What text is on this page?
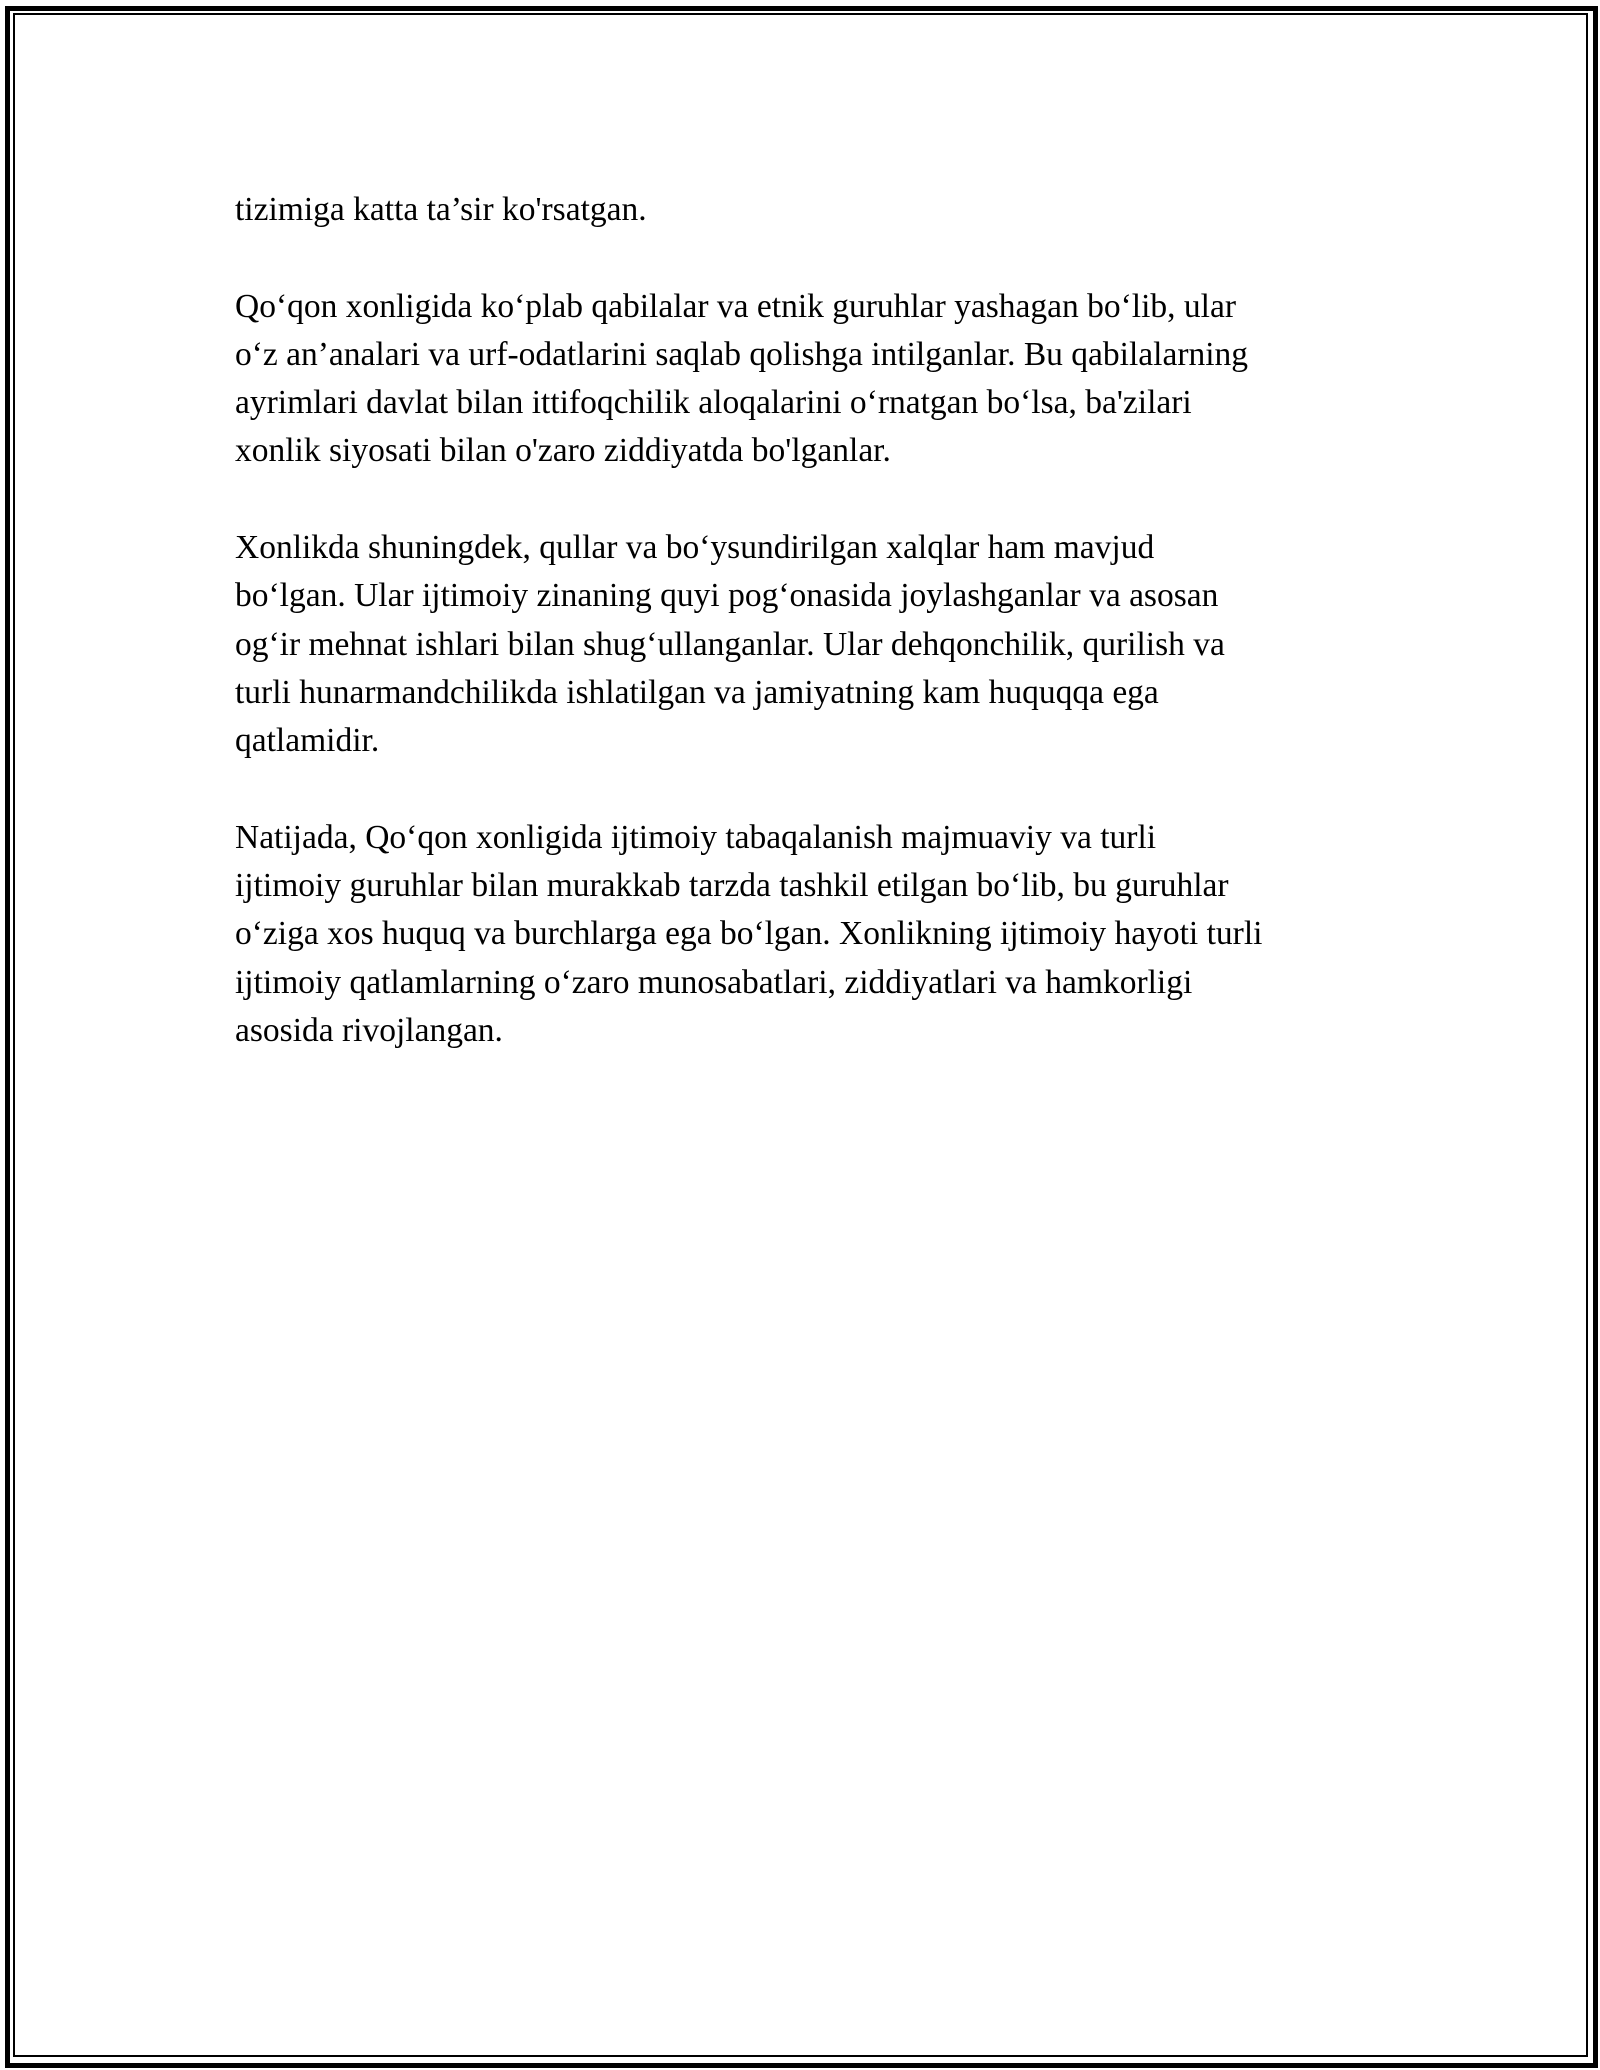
tizimiga katta ta’sir ko'rsatgan.
Qo‘qon xonligida ko‘plab qabilalar va etnik guruhlar yashagan bo‘lib, ular
o‘z an’analari va urf-odatlarini saqlab qolishga intilganlar. Bu qabilalarning
ayrimlari davlat bilan ittifoqchilik aloqalarini o‘rnatgan bo‘lsa, ba'zilari
xonlik siyosati bilan o'zaro ziddiyatda bo'lganlar.
Xonlikda shuningdek, qullar va bo‘ysundirilgan xalqlar ham mavjud
bo‘lgan. Ular ijtimoiy zinaning quyi pog‘onasida joylashganlar va asosan
og‘ir mehnat ishlari bilan shug‘ullanganlar. Ular dehqonchilik, qurilish va
turli hunarmandchilikda ishlatilgan va jamiyatning kam huquqqa ega
qatlamidir.
Natijada, Qo‘qon xonligida ijtimoiy tabaqalanish majmuaviy va turli
ijtimoiy guruhlar bilan murakkab tarzda tashkil etilgan bo‘lib, bu guruhlar
o‘ziga xos huquq va burchlarga ega bo‘lgan. Xonlikning ijtimoiy hayoti turli
ijtimoiy qatlamlarning o‘zaro munosabatlari, ziddiyatlari va hamkorligi
asosida rivojlangan.
